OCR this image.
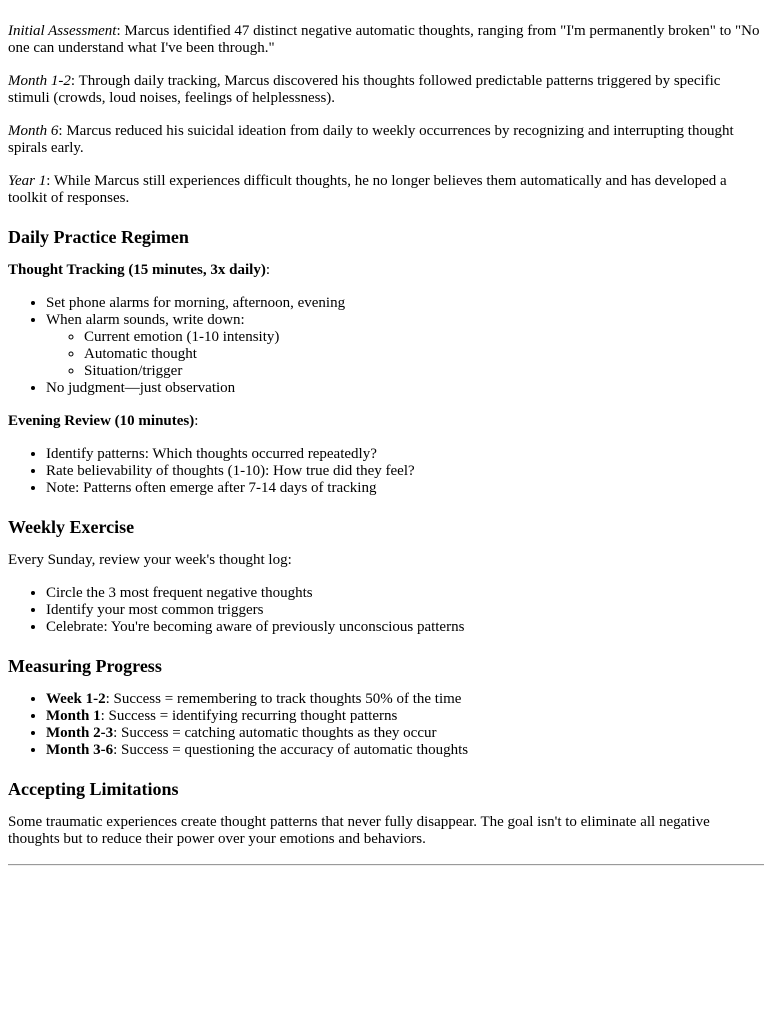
Initial Assessment: Marcus identified 47 distinct negative automatic thoughts, ranging from "I'm permanently broken" to "No one can understand what I've been through."

Month 1-2: Through daily tracking, Marcus discovered his thoughts followed predictable patterns triggered by specific stimuli (crowds, loud noises, feelings of helplessness).

Month 6: Marcus reduced his suicidal ideation from daily to weekly occurrences by recognizing and interrupting thought spirals early.

Year 1: While Marcus still experiences difficult thoughts, he no longer believes them automatically and has developed a toolkit of responses.

Daily Practice Regimen

Thought Tracking (15 minutes, 3x daily):

• Set phone alarms for morning, afternoon, evening
• When alarm sounds, write down:
◦ Current emotion (1-10 intensity)
◦ Automatic thought
◦ Situation/trigger
• No judgment—just observation

Evening Review (10 minutes):

• Identify patterns: Which thoughts occurred repeatedly?
• Rate believability of thoughts (1-10): How true did they feel?
• Note: Patterns often emerge after 7-14 days of tracking
Weekly Exercise

Every Sunday, review your week's thought log:

• Circle the 3 most frequent negative thoughts
• Identify your most common triggers
• Celebrate: You're becoming aware of previously unconscious patterns
Measuring Progress
• Week 1-2: Success = remembering to track thoughts 50% of the time
• Month 1: Success = identifying recurring thought patterns
• Month 2-3: Success = catching automatic thoughts as they occur
• Month 3-6: Success = questioning the accuracy of automatic thoughts
Accepting Limitations

Some traumatic experiences create thought patterns that never fully disappear. The goal isn't to eliminate all negative thoughts but to reduce their power over your emotions and behaviors.
